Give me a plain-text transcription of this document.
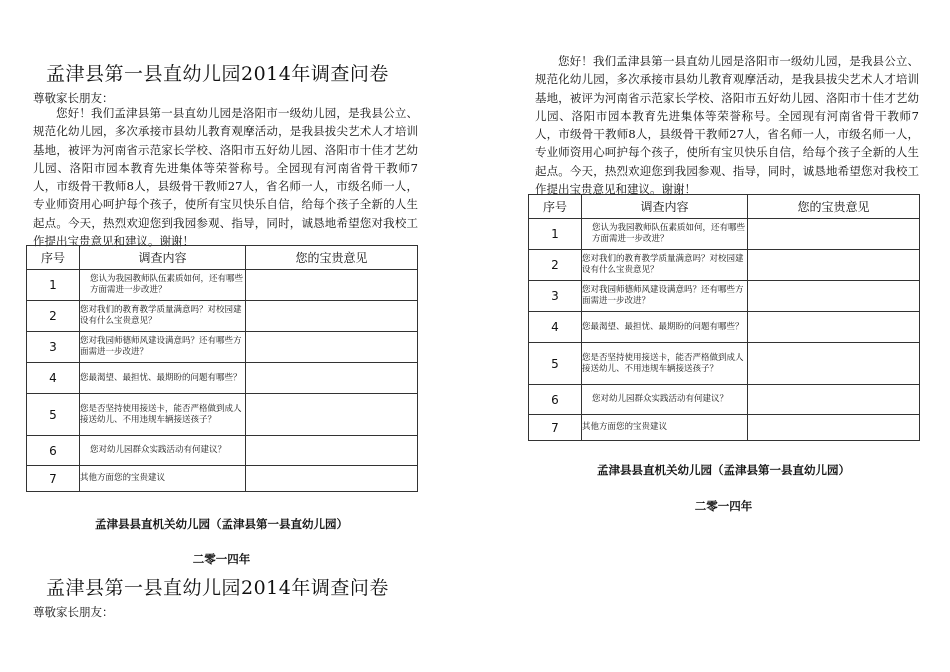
孟津县第一县直幼儿园2014年调查问卷
尊敬家长朋友：
您好！我们孟津县第一县直幼儿园是洛阳市一级幼儿园，是我县公立、规范化幼儿园，多次承接市县幼儿教育观摩活动，是我县拔尖艺术人才培训基地，被评为河南省示范家长学校、洛阳市五好幼儿园、洛阳市十佳才艺幼儿园、洛阳市园本教育先进集体等荣誉称号。全园现有河南省骨干教师7人，市级骨干教师8人，县级骨干教师27人，省名师一人，市级名师一人，专业师资用心呵护每个孩子，使所有宝贝快乐自信，给每个孩子全新的人生起点。今天，热烈欢迎您到我园参观、指导，同时，诚恳地希望您对我校工作提出宝贵意见和建议。谢谢！
序号	调查内容	您的宝贵意见
1	您认为我园教师队伍素质如何，还有哪些方面需进一步改进？	
2	您对我们的教育教学质量满意吗？对校园建设有什么宝贵意见？	
3	您对我园师德师风建设满意吗？还有哪些方面需进一步改进？	
4	您最渴望、最担忧、最期盼的问题有哪些？	
5	您是否坚持使用接送卡，能否严格做到成人接送幼儿、不用违规车辆接送孩子？	
6	您对幼儿园群众实践活动有何建议？	
7	其他方面您的宝贵建议	
孟津县县直机关幼儿园（孟津县第一县直幼儿园）
二零一四年
孟津县第一县直幼儿园2014年调查问卷
尊敬家长朋友：
您好！我们孟津县第一县直幼儿园是洛阳市一级幼儿园，是我县公立、规范化幼儿园，多次承接市县幼儿教育观摩活动，是我县拔尖艺术人才培训基地，被评为河南省示范家长学校、洛阳市五好幼儿园、洛阳市十佳才艺幼儿园、洛阳市园本教育先进集体等荣誉称号。全园现有河南省骨干教师7人，市级骨干教师8人，县级骨干教师27人，省名师一人，市级名师一人，专业师资用心呵护每个孩子，使所有宝贝快乐自信，给每个孩子全新的人生起点。今天，热烈欢迎您到我园参观、指导，同时，诚恳地希望您对我校工作提出宝贵意见和建议。谢谢！
序号	调查内容	您的宝贵意见
1	您认为我园教师队伍素质如何，还有哪些方面需进一步改进？	
2	您对我们的教育教学质量满意吗？对校园建设有什么宝贵意见？	
3	您对我园师德师风建设满意吗？还有哪些方面需进一步改进？	
4	您最渴望、最担忧、最期盼的问题有哪些？	
5	您是否坚持使用接送卡，能否严格做到成人接送幼儿、不用违规车辆接送孩子？	
6	您对幼儿园群众实践活动有何建议？	
7	其他方面您的宝贵建议	
孟津县县直机关幼儿园（孟津县第一县直幼儿园）
二零一四年
